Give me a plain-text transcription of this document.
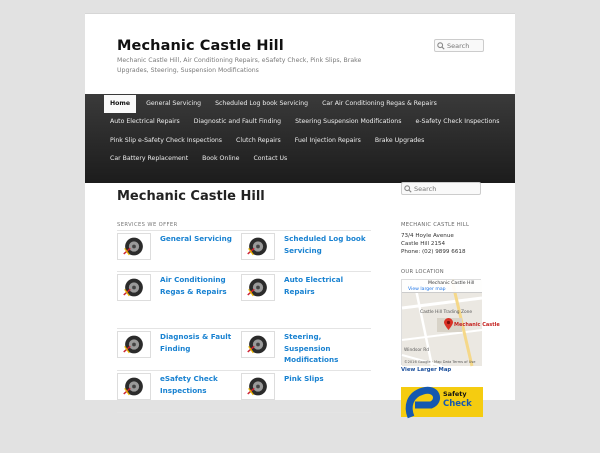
Mechanic Castle Hill
Mechanic Castle Hill, Air Conditioning Repairs, eSafety Check, Pink Slips, Brake Upgrades, Steering, Suspension Modifications
Search
Home	General Servicing Scheduled Log book Servicing Car Air Conditioning Regas & Repairs
Auto Electrical Repairs Diagnostic and Fault Finding Steering Suspension Modifications e-Safety Check Inspections
Pink Slip e-Safety Check Inspections Clutch Repairs Fuel Injection Repairs Brake Upgrades
Car Battery Replacement Book Online Contact Us
Mechanic Castle Hill
SERVICES WE OFFER
General Servicing	Scheduled Log book Servicing
Air Conditioning Regas & Repairs
Auto Electrical Repairs
Diagnosis & Fault Finding
Steering, Suspension Modifications
eSafety Check Inspections
Pink Slips
Search
MECHANIC CASTLE HILL
73/4 Hoyle Avenue
Castle Hill 2154
Phone: (02) 9899 6618
OUR LOCATION
Mechanic Castle Hill
View larger map
Castle Hill Trading Zone
Windsor Rd
Mechanic Castle
©2016 Google · Map Data Terms of Use
View Larger Map
Safety
Check
